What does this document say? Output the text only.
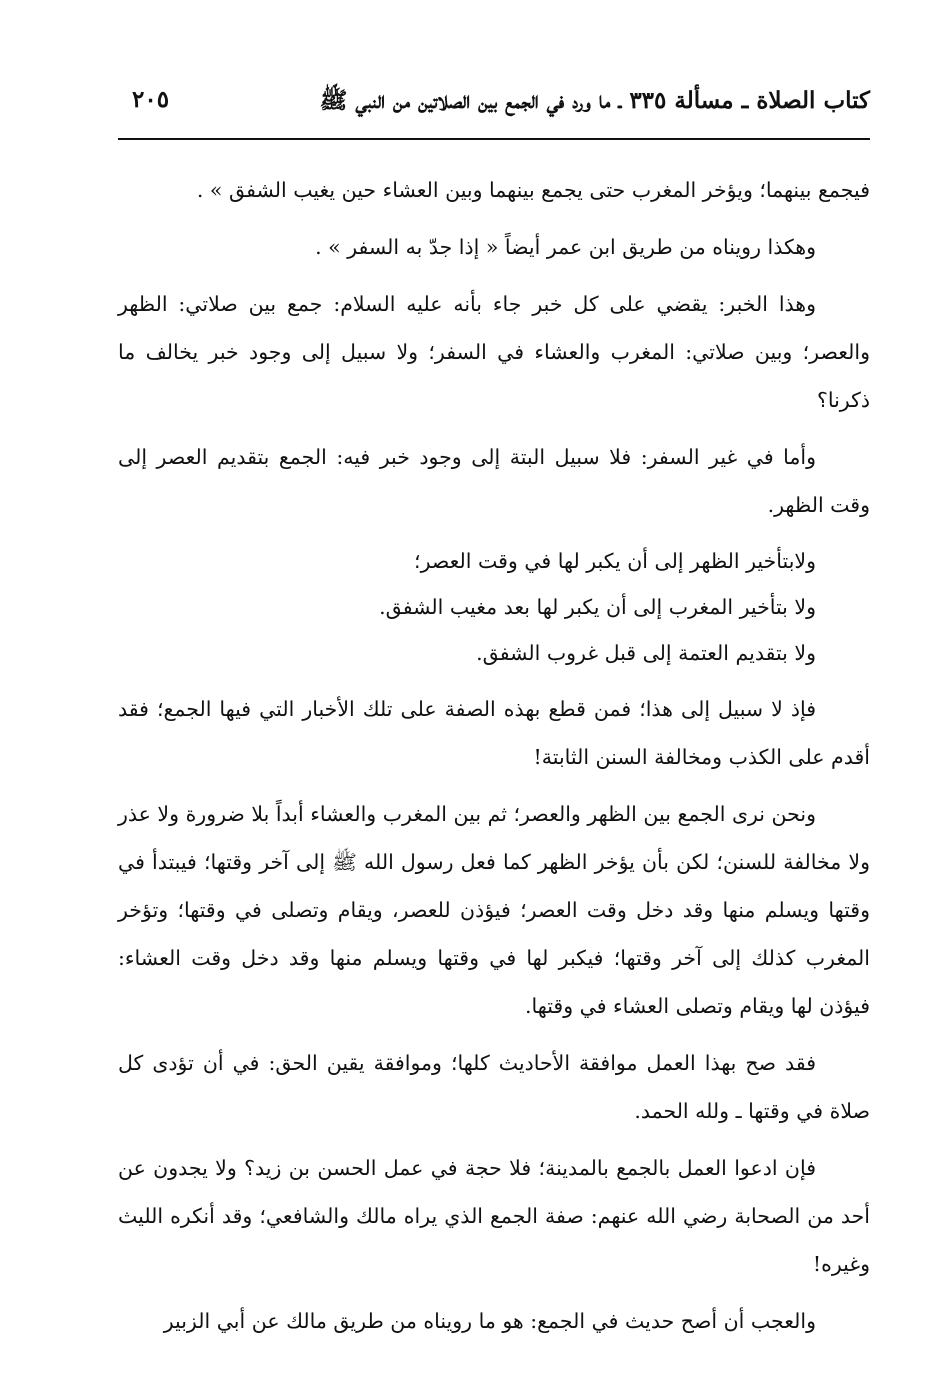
كتاب الصلاة ـ مسألة ٣٣٥ ـ ما ورد في الجمع بين الصلاتين من النبي ﷺ
٢٠٥

فيجمع بينهما؛ ويؤخر المغرب حتى يجمع بينهما وبين العشاء حين يغيب الشفق » .

وهكذا رويناه من طريق ابن عمر أيضاً « إذا جدّ به السفر » .

وهذا الخبر: يقضي على كل خبر جاء بأنه عليه السلام: جمع بين صلاتي: الظهر والعصر؛ وبين صلاتي: المغرب والعشاء في السفر؛ ولا سبيل إلى وجود خبر يخالف ما ذكرنا؟

وأما في غير السفر: فلا سبيل البتة إلى وجود خبر فيه: الجمع بتقديم العصر إلى وقت الظهر.

ولابتأخير الظهر إلى أن يكبر لها في وقت العصر؛
ولا بتأخير المغرب إلى أن يكبر لها بعد مغيب الشفق.
ولا بتقديم العتمة إلى قبل غروب الشفق.

فإذ لا سبيل إلى هذا؛ فمن قطع بهذه الصفة على تلك الأخبار التي فيها الجمع؛ فقد أقدم على الكذب ومخالفة السنن الثابتة!

ونحن نرى الجمع بين الظهر والعصر؛ ثم بين المغرب والعشاء أبداً بلا ضرورة ولا عذر ولا مخالفة للسنن؛ لكن بأن يؤخر الظهر كما فعل رسول الله ﷺ إلى آخر وقتها؛ فيبتدأ في وقتها ويسلم منها وقد دخل وقت العصر؛ فيؤذن للعصر، ويقام وتصلى في وقتها؛ وتؤخر المغرب كذلك إلى آخر وقتها؛ فيكبر لها في وقتها ويسلم منها وقد دخل وقت العشاء: فيؤذن لها ويقام وتصلى العشاء في وقتها.

فقد صح بهذا العمل موافقة الأحاديث كلها؛ وموافقة يقين الحق: في أن تؤدى كل صلاة في وقتها ـ ولله الحمد.

فإن ادعوا العمل بالجمع بالمدينة؛ فلا حجة في عمل الحسن بن زيد؟ ولا يجدون عن أحد من الصحابة رضي الله عنهم: صفة الجمع الذي يراه مالك والشافعي؛ وقد أنكره الليث وغيره!

والعجب أن أصح حديث في الجمع: هو ما رويناه من طريق مالك عن أبي الزبير
